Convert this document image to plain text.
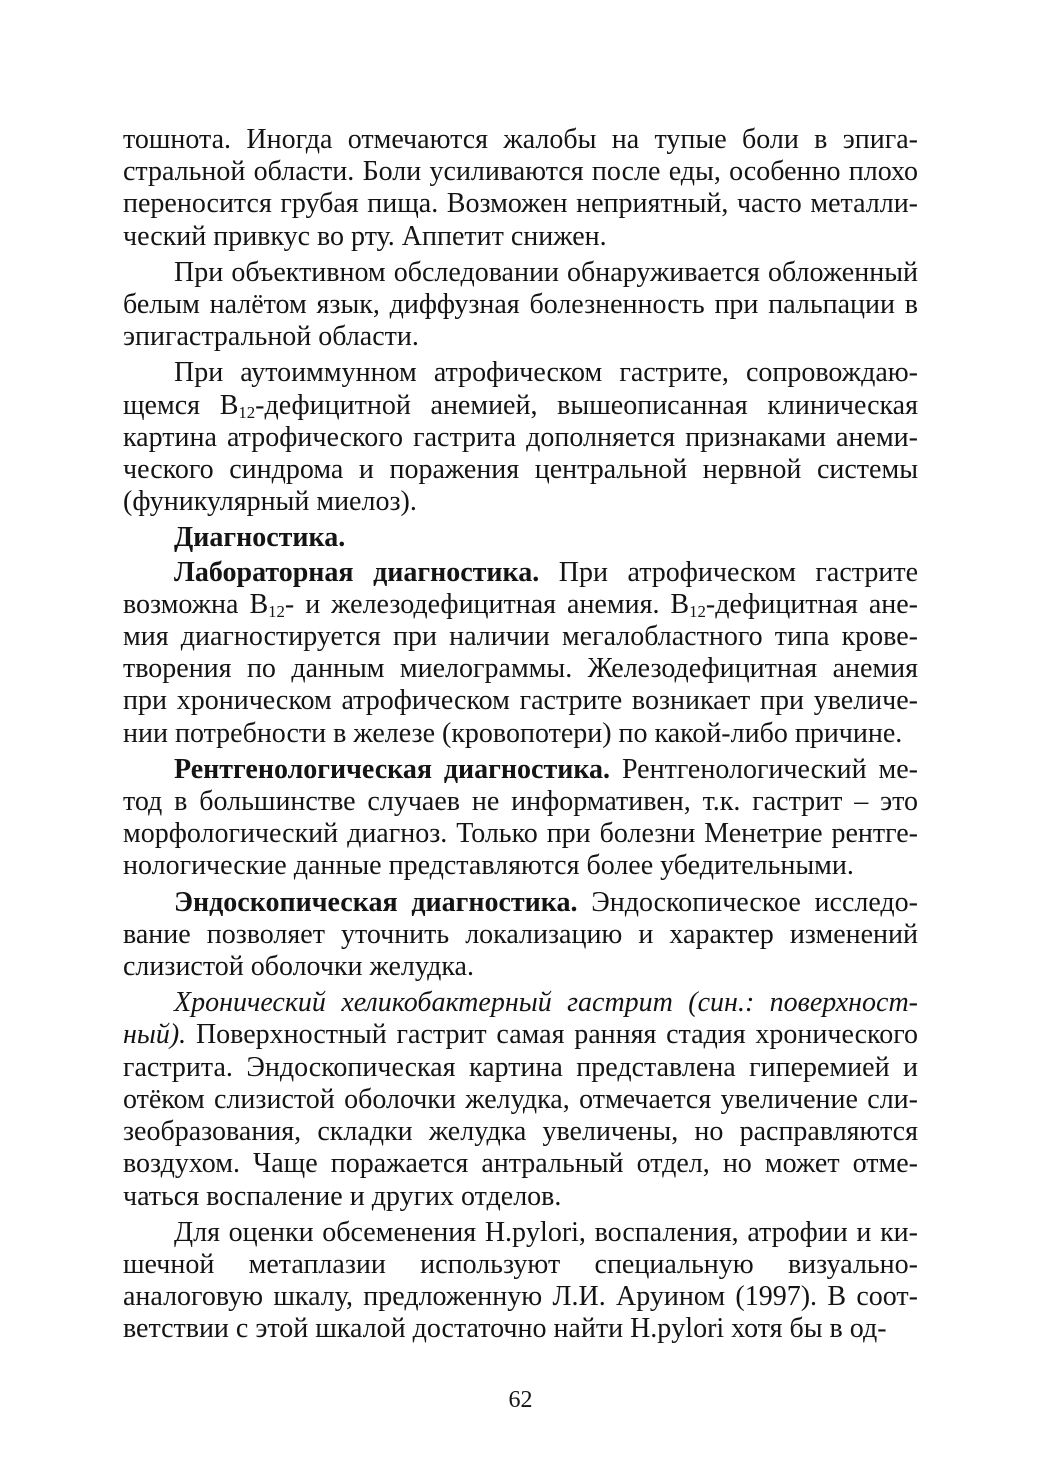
тошнота. Иногда отмечаются жалобы на тупые боли в эпигастральной области. Боли усиливаются после еды, особенно плохо переносится грубая пища. Возможен неприятный, часто металлический привкус во рту. Аппетит снижен.

При объективном обследовании обнаруживается обложенный белым налётом язык, диффузная болезненность при пальпации в эпигастральной области.

При аутоиммунном атрофическом гастрите, сопровождающемся $B_{12}$-дефицитной анемией, вышеописанная клиническая картина атрофического гастрита дополняется признаками анемического синдрома и поражения центральной нервной системы (фуникулярный миелоз).

Диагностика.

Лабораторная диагностика. При атрофическом гастрите возможна $B_{12}-$ и железодефицитная анемия. $B_{12}$-дефицитная анемия диагностируется при наличии мегалобластного типа кроветворения по данным миелограммы. Железодефицитная анемия при хроническом атрофическом гастрите возникает при увеличении потребности в железе (кровопотери) по какой-либо причине.

Рентгенологическая диагностика. Рентгенологический метод в большинстве случаев не информативен, т.к. гастрит – это морфологический диагноз. Только при болезни Менетрие рентгенологические данные представляются более убедительными.

Эндоскопическая диагностика. Эндоскопическое исследование позволяет уточнить локализацию и характер изменений слизистой оболочки желудка.

Хронический хеликобактерный гастрит (син.: поверхностный). Поверхностный гастрит самая ранняя стадия хронического гастрита. Эндоскопическая картина представлена гиперемией и отёком слизистой оболочки желудка, отмечается увеличение слизеобразования, складки желудка увеличены, но расправляются воздухом. Чаще поражается антральный отдел, но может отмечаться воспаление и других отделов.

Для оценки обсеменения H.pylori, воспаления, атрофии и кишечной метаплазии используют специальную визуально-аналоговую шкалу, предложенную Л.И. Аруином (1997). В соответствии с этой шкалой достаточно найти H.pylori хотя бы в од-

62
